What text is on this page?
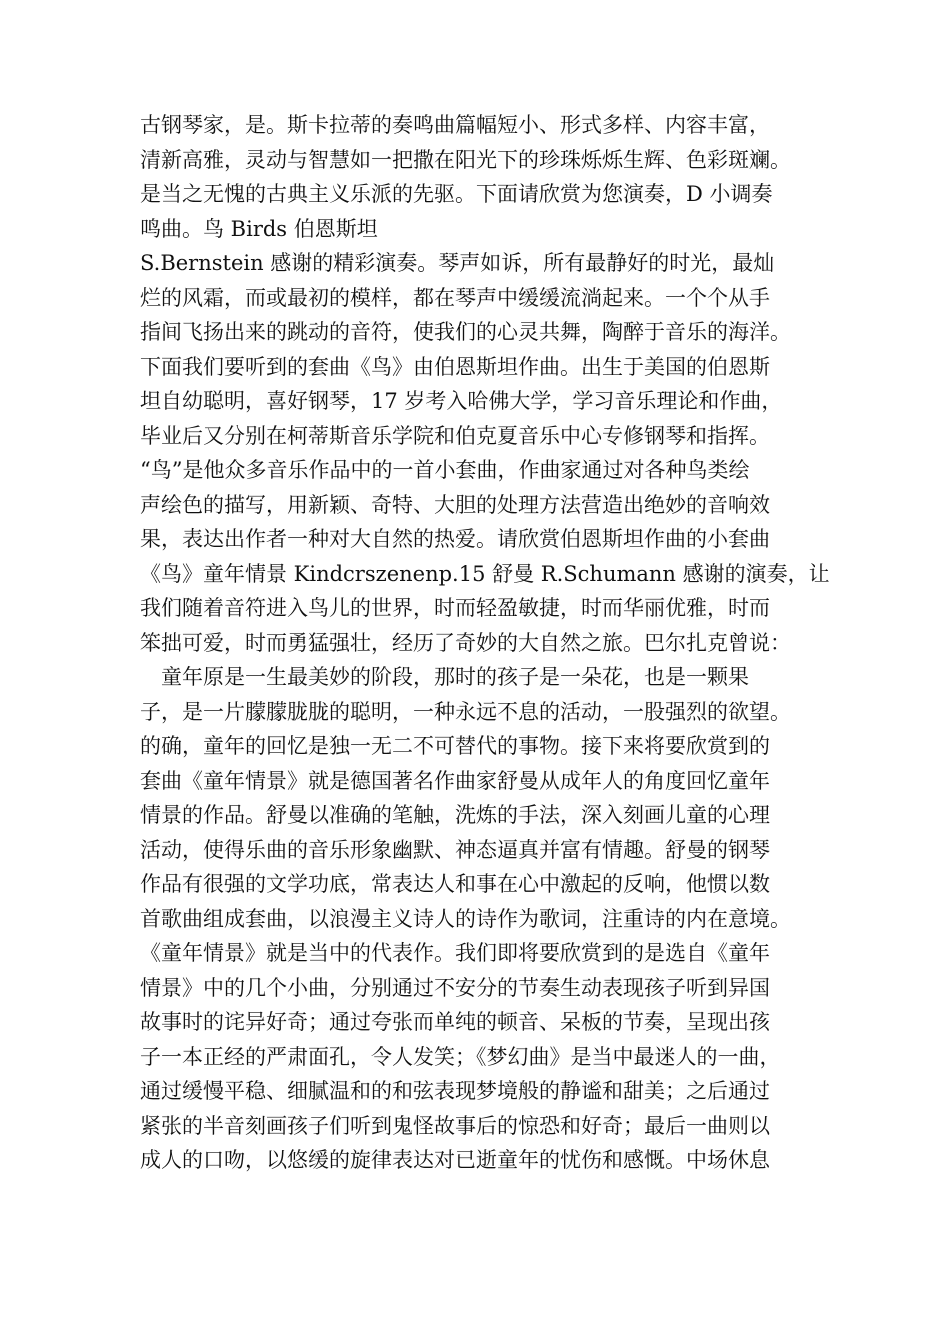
古钢琴家，是。斯卡拉蒂的奏鸣曲篇幅短小、形式多样、内容丰富，
清新高雅，灵动与智慧如一把撒在阳光下的珍珠烁烁生辉、色彩斑斓。
是当之无愧的古典主义乐派的先驱。下面请欣赏为您演奏，D 小调奏
鸣曲。鸟 Birds 伯恩斯坦
S.Bernstein 感谢的精彩演奏。琴声如诉，所有最静好的时光，最灿
烂的风霜，而或最初的模样，都在琴声中缓缓流淌起来。一个个从手
指间飞扬出来的跳动的音符，使我们的心灵共舞，陶醉于音乐的海洋。
下面我们要听到的套曲《鸟》由伯恩斯坦作曲。出生于美国的伯恩斯
坦自幼聪明，喜好钢琴，17 岁考入哈佛大学，学习音乐理论和作曲，
毕业后又分别在柯蒂斯音乐学院和伯克夏音乐中心专修钢琴和指挥。
“鸟”是他众多音乐作品中的一首小套曲，作曲家通过对各种鸟类绘
声绘色的描写，用新颖、奇特、大胆的处理方法营造出绝妙的音响效
果，表达出作者一种对大自然的热爱。请欣赏伯恩斯坦作曲的小套曲
《鸟》童年情景 Kindcrszenenp.15 舒曼 R.Schumann 感谢的演奏，让
我们随着音符进入鸟儿的世界，时而轻盈敏捷，时而华丽优雅，时而
笨拙可爱，时而勇猛强壮，经历了奇妙的大自然之旅。巴尔扎克曾说：
　童年原是一生最美妙的阶段，那时的孩子是一朵花，也是一颗果
子，是一片朦朦胧胧的聪明，一种永远不息的活动，一股强烈的欲望。
的确，童年的回忆是独一无二不可替代的事物。接下来将要欣赏到的
套曲《童年情景》就是德国著名作曲家舒曼从成年人的角度回忆童年
情景的作品。舒曼以准确的笔触，洗炼的手法，深入刻画儿童的心理
活动，使得乐曲的音乐形象幽默、神态逼真并富有情趣。舒曼的钢琴
作品有很强的文学功底，常表达人和事在心中激起的反响，他惯以数
首歌曲组成套曲，以浪漫主义诗人的诗作为歌词，注重诗的内在意境。
《童年情景》就是当中的代表作。我们即将要欣赏到的是选自《童年
情景》中的几个小曲，分别通过不安分的节奏生动表现孩子听到异国
故事时的诧异好奇；通过夸张而单纯的顿音、呆板的节奏，呈现出孩
子一本正经的严肃面孔，令人发笑；《梦幻曲》是当中最迷人的一曲，
通过缓慢平稳、细腻温和的和弦表现梦境般的静谧和甜美；之后通过
紧张的半音刻画孩子们听到鬼怪故事后的惊恐和好奇；最后一曲则以
成人的口吻，以悠缓的旋律表达对已逝童年的忧伤和感慨。中场休息
